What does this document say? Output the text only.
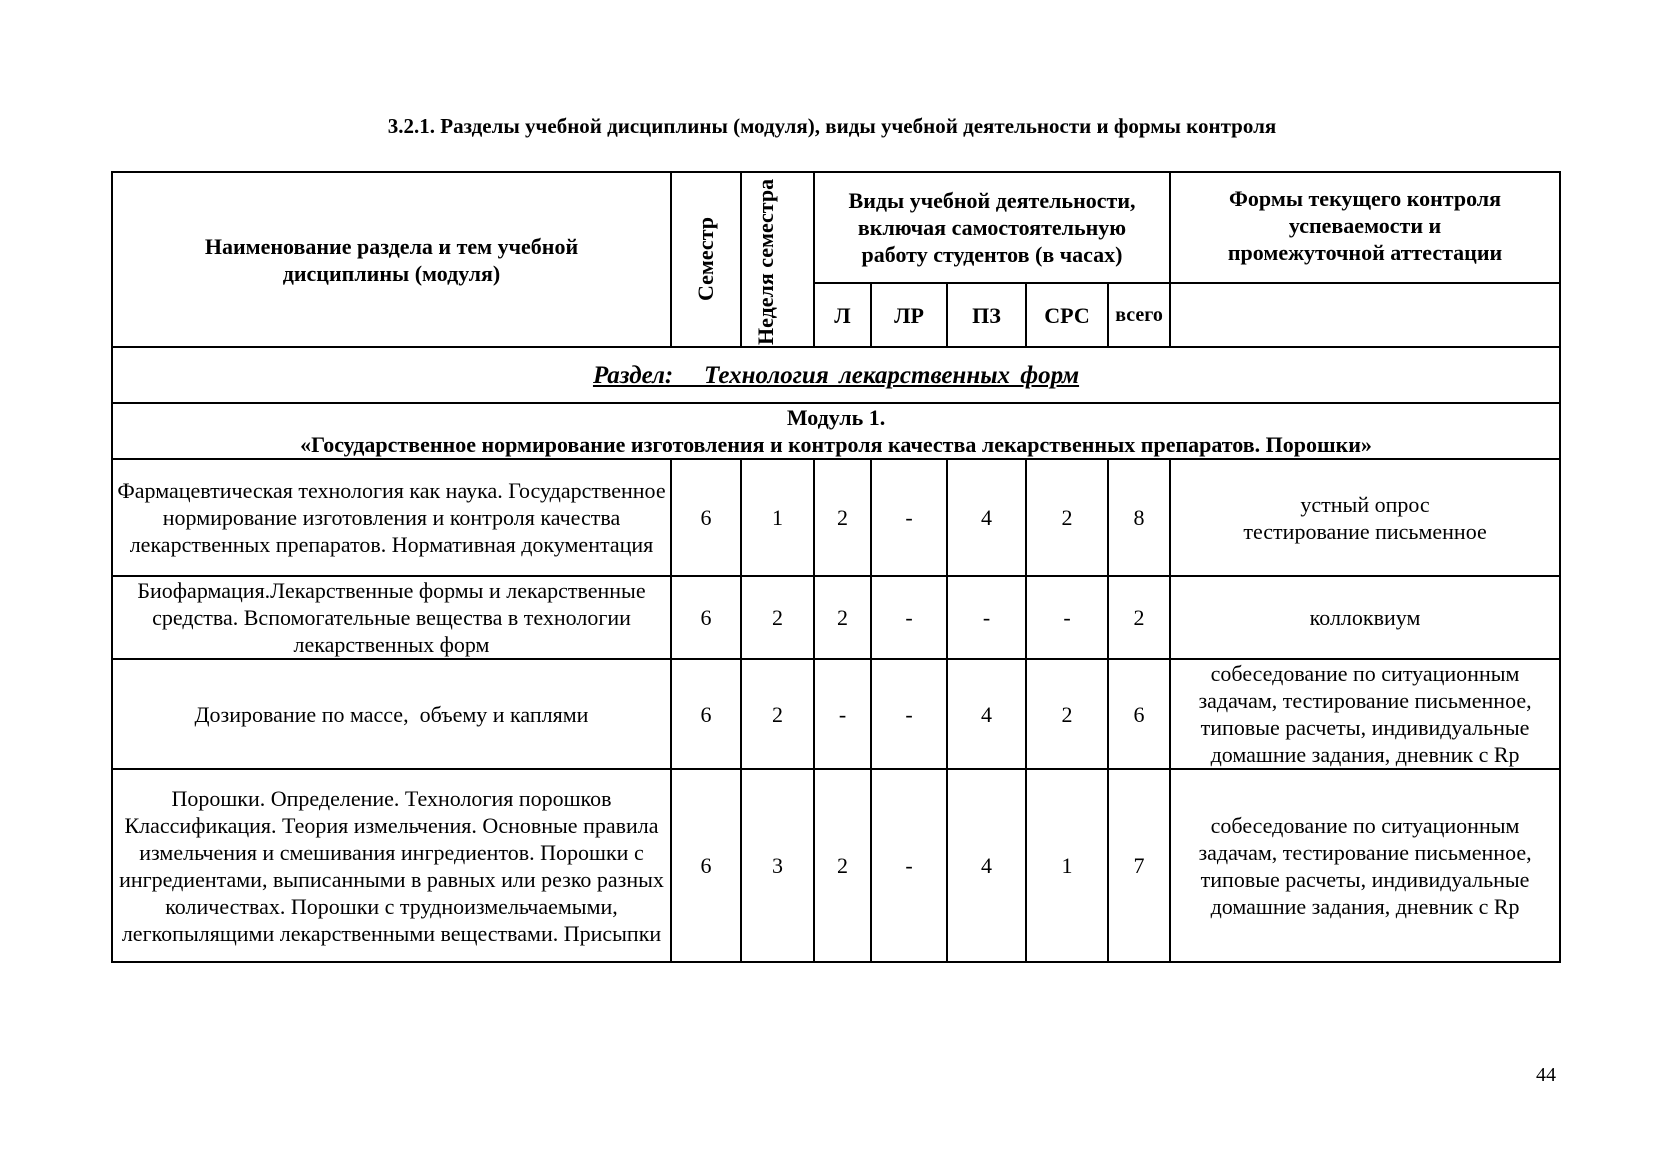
3.2.1. Разделы учебной дисциплины (модуля), виды учебной деятельности и формы контроля
Наименование раздела и тем учебной дисциплины (модуля)	Семестр	Неделя семестра	Виды учебной деятельности, включая самостоятельную работу студентов (в часах)					Формы текущего контроля успеваемости и промежуточной аттестации
			Л	ЛР	ПЗ	СРС	всего	
Раздел:   Технология лекарственных форм								

Модуль 1.
«Государственное нормирование изготовления и контроля качества лекарственных препаратов. Порошки»								

Фармацевтическая технология как наука. Государственное нормирование изготовления и контроля качества лекарственных препаратов. Нормативная документация	6	1	2	-	4	2	8	устный опрос
тестирование письменное
Биофармация.Лекарственные формы и лекарственные средства. Вспомогательные вещества в технологии лекарственных форм	6	2	2	-	-	-	2	коллоквиум
Дозирование по массе,  объему и каплями	6	2	-	-	4	2	6	собеседование по ситуационным задачам, тестирование письменное, типовые расчеты, индивидуальные домашние задания, дневник с Rp
Порошки. Определение. Технология порошков Классификация. Теория измельчения. Основные правила измельчения и смешивания ингредиентов. Порошки с ингредиентами, выписанными в равных или резко разных количествах. Порошки с трудноизмельчаемыми, легкопылящими лекарственными веществами. Присыпки	6	3	2	-	4	1	7	собеседование по ситуационным задачам, тестирование письменное, типовые расчеты, индивидуальные домашние задания, дневник с Rp
44
